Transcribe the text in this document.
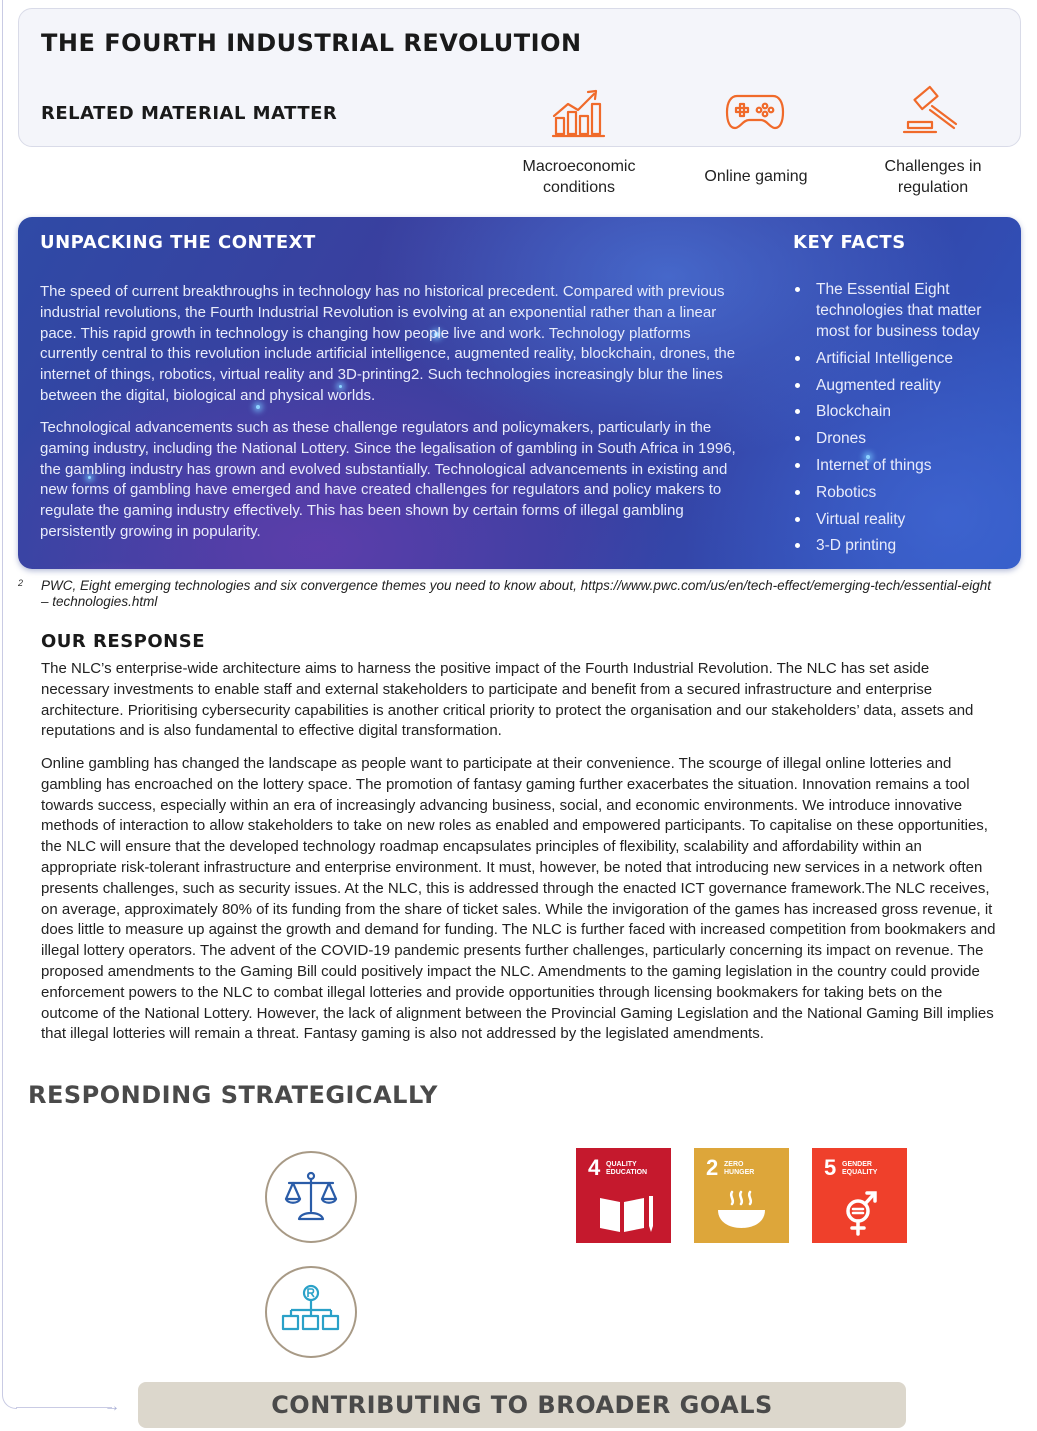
→
THE FOURTH INDUSTRIAL REVOLUTION
RELATED MATERIAL MATTER
Macroeconomic conditions
Online gaming
Challenges in regulation
UNPACKING THE CONTEXT

The speed of current breakthroughs in technology has no historical precedent. Compared with previous industrial revolutions, the Fourth Industrial Revolution is evolving at an exponential rather than a linear pace. This rapid growth in technology is changing how people live and work. Technology platforms currently central to this revolution include artificial intelligence, augmented reality, blockchain, drones, the internet of things, robotics, virtual reality and 3D-printing2. Such technologies increasingly blur the lines between the digital, biological and physical worlds.

Technological advancements such as these challenge regulators and policymakers, particularly in the gaming industry, including the National Lottery. Since the legalisation of gambling in South Africa in 1996, the gambling industry has grown and evolved substantially. Technological advancements in existing and new forms of gambling have emerged and have created challenges for regulators and policy makers to regulate the gaming industry effectively. This has been shown by certain forms of illegal gambling persistently growing in popularity.

KEY FACTS
The Essential Eight technologies that matter most for business today
Artificial Intelligence
Augmented reality
Blockchain
Drones
Internet of things
Robotics
Virtual reality
3-D printing
2 PWC, Eight emerging technologies and six convergence themes you need to know about, https://www.pwc.com/us/en/tech-effect/emerging-tech/essential-eight – technologies.html
OUR RESPONSE

The NLC’s enterprise-wide architecture aims to harness the positive impact of the Fourth Industrial Revolution. The NLC has set aside necessary investments to enable staff and external stakeholders to participate and benefit from a secured infrastructure and enterprise architecture. Prioritising cybersecurity capabilities is another critical priority to protect the organisation and our stakeholders’ data, assets and reputations and is also fundamental to effective digital transformation.

Online gambling has changed the landscape as people want to participate at their convenience. The scourge of illegal online lotteries and gambling has encroached on the lottery space. The promotion of fantasy gaming further exacerbates the situation. Innovation remains a tool towards success, especially within an era of increasingly advancing business, social, and economic environments. We introduce innovative methods of interaction to allow stakeholders to take on new roles as enabled and empowered participants. To capitalise on these opportunities, the NLC will ensure that the developed technology roadmap encapsulates principles of flexibility, scalability and affordability within an appropriate risk-tolerant infrastructure and enterprise environment. It must, however, be noted that introducing new services in a network often presents challenges, such as security issues. At the NLC, this is addressed through the enacted ICT governance framework.The NLC receives, on average, approximately 80% of its funding from the share of ticket sales. While the invigoration of the games has increased gross revenue, it does little to measure up against the growth and demand for funding. The NLC is further faced with increased competition from bookmakers and illegal lottery operators. The advent of the COVID-19 pandemic presents further challenges, particularly concerning its impact on revenue. The proposed amendments to the Gaming Bill could positively impact the NLC. Amendments to the gaming legislation in the country could provide enforcement powers to the NLC to combat illegal lotteries and provide opportunities through licensing bookmakers for taking bets on the outcome of the National Lottery. However, the lack of alignment between the Provincial Gaming Legislation and the National Gaming Bill implies that illegal lotteries will remain a threat. Fantasy gaming is also not addressed by the legislated amendments.

RESPONDING STRATEGICALLY
4 QUALITY
EDUCATION	2 ZERO
HUNGER	5 GENDER
EQUALITY
CONTRIBUTING TO BROADER GOALS
